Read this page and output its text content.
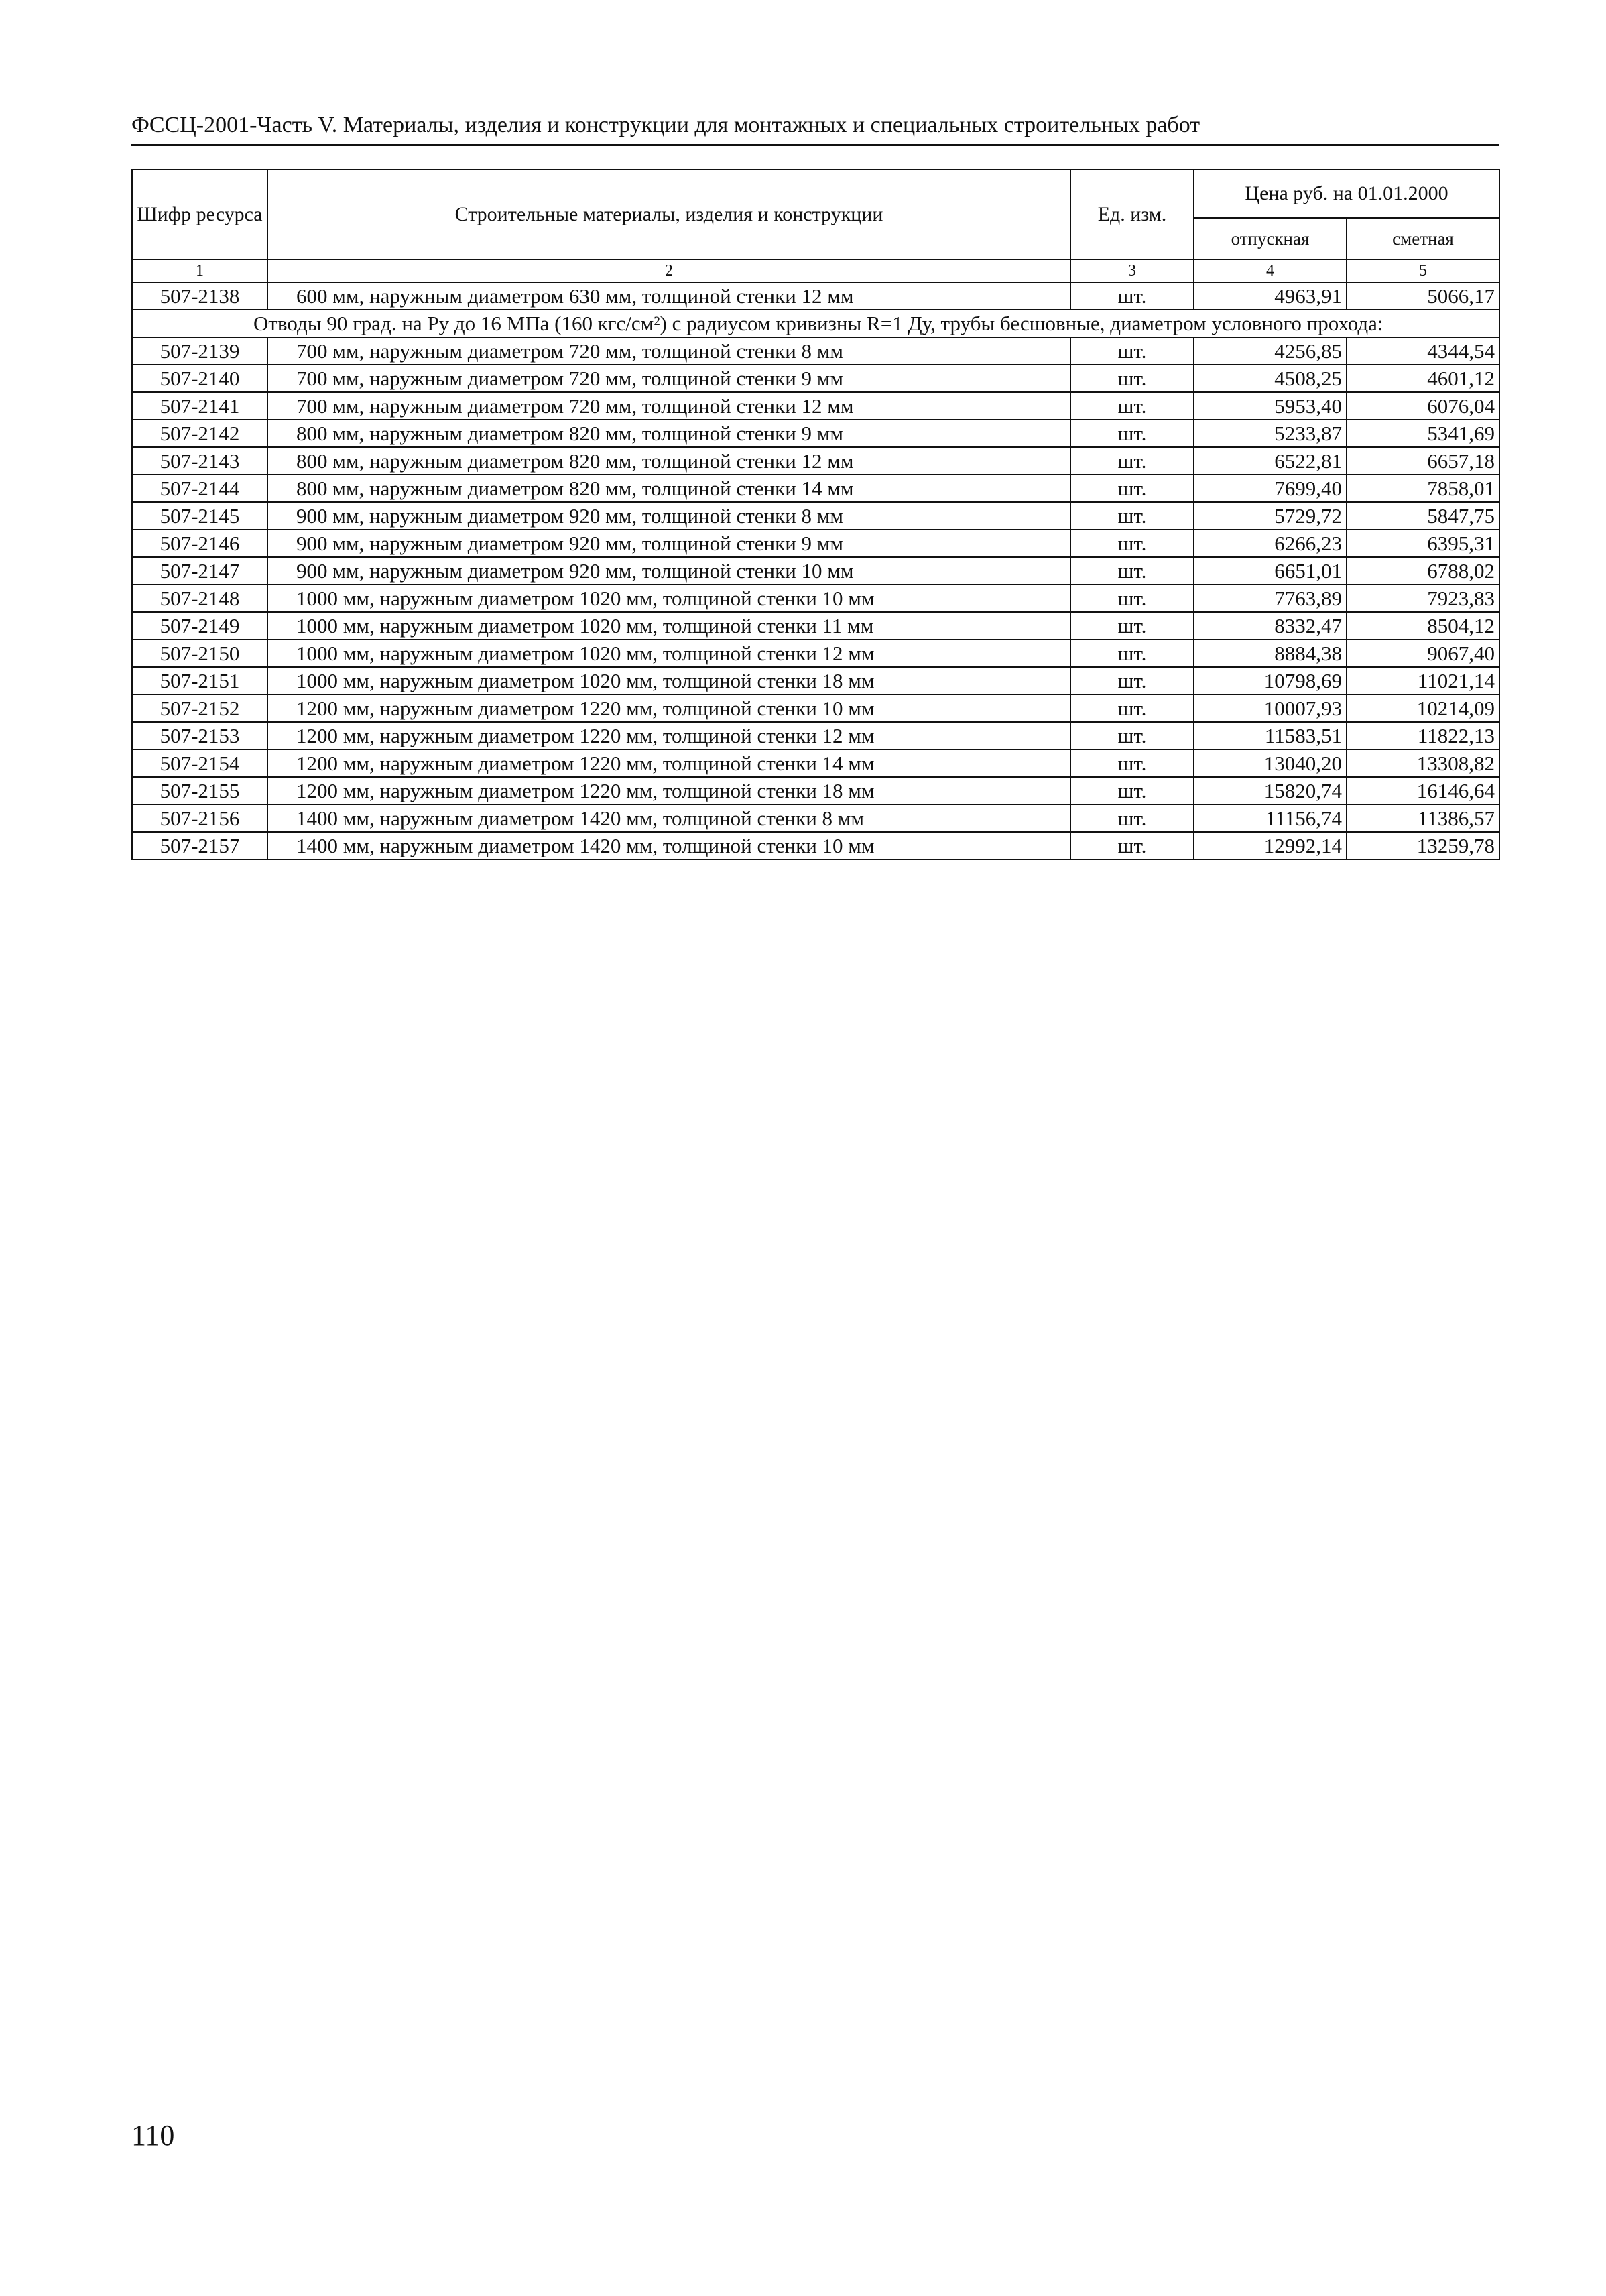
ФССЦ-2001-Часть V. Материалы, изделия и конструкции для монтажных и специальных строительных работ
Шифр ресурса	Строительные материалы, изделия и конструкции	Ед. изм.	Цена руб. на 01.01.2000	
			отпускная	сметная
1	2	3	4	5
507-2138	600 мм, наружным диаметром 630 мм, толщиной стенки 12 мм	шт.	4963,91	5066,17
Отводы 90 град. на Ру до 16 МПа (160 кгс/см²) с радиусом кривизны R=1 Ду, трубы бесшовные, диаметром условного прохода:				
507-2139	700 мм, наружным диаметром 720 мм, толщиной стенки 8 мм	шт.	4256,85	4344,54
507-2140	700 мм, наружным диаметром 720 мм, толщиной стенки 9 мм	шт.	4508,25	4601,12
507-2141	700 мм, наружным диаметром 720 мм, толщиной стенки 12 мм	шт.	5953,40	6076,04
507-2142	800 мм, наружным диаметром 820 мм, толщиной стенки 9 мм	шт.	5233,87	5341,69
507-2143	800 мм, наружным диаметром 820 мм, толщиной стенки 12 мм	шт.	6522,81	6657,18
507-2144	800 мм, наружным диаметром 820 мм, толщиной стенки 14 мм	шт.	7699,40	7858,01
507-2145	900 мм, наружным диаметром 920 мм, толщиной стенки 8 мм	шт.	5729,72	5847,75
507-2146	900 мм, наружным диаметром 920 мм, толщиной стенки 9 мм	шт.	6266,23	6395,31
507-2147	900 мм, наружным диаметром 920 мм, толщиной стенки 10 мм	шт.	6651,01	6788,02
507-2148	1000 мм, наружным диаметром 1020 мм, толщиной стенки 10 мм	шт.	7763,89	7923,83
507-2149	1000 мм, наружным диаметром 1020 мм, толщиной стенки 11 мм	шт.	8332,47	8504,12
507-2150	1000 мм, наружным диаметром 1020 мм, толщиной стенки 12 мм	шт.	8884,38	9067,40
507-2151	1000 мм, наружным диаметром 1020 мм, толщиной стенки 18 мм	шт.	10798,69	11021,14
507-2152	1200 мм, наружным диаметром 1220 мм, толщиной стенки 10 мм	шт.	10007,93	10214,09
507-2153	1200 мм, наружным диаметром 1220 мм, толщиной стенки 12 мм	шт.	11583,51	11822,13
507-2154	1200 мм, наружным диаметром 1220 мм, толщиной стенки 14 мм	шт.	13040,20	13308,82
507-2155	1200 мм, наружным диаметром 1220 мм, толщиной стенки 18 мм	шт.	15820,74	16146,64
507-2156	1400 мм, наружным диаметром 1420 мм, толщиной стенки 8 мм	шт.	11156,74	11386,57
507-2157	1400 мм, наружным диаметром 1420 мм, толщиной стенки 10 мм	шт.	12992,14	13259,78
110
